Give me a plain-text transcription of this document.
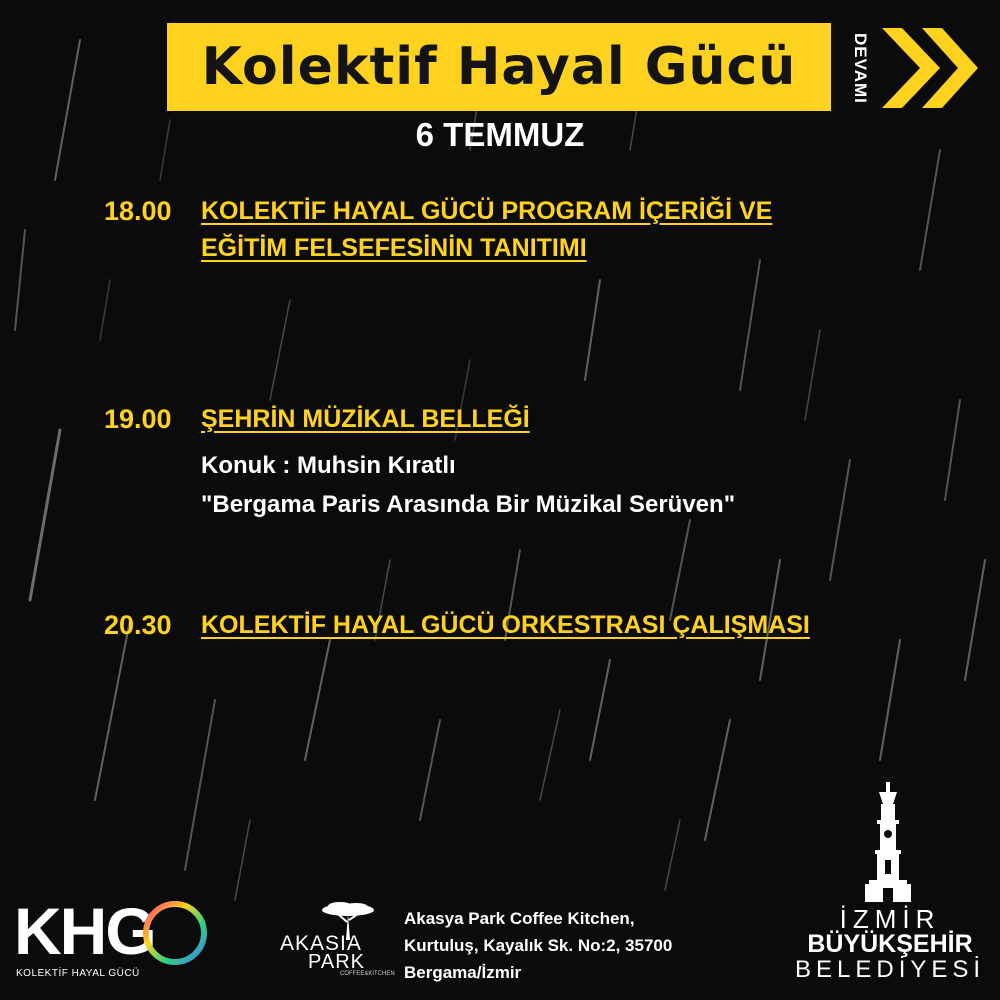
Kolektif Hayal Gücü	DEVAMI
6 TEMMUZ
18.00 KOLEKTİF HAYAL GÜCÜ PROGRAM İÇERİĞİ VE
EĞİTİM FELSEFESİNİN TANITIMI
19.00 ŞEHRİN MÜZİKAL BELLEĞİ
Konuk : Muhsin Kıratlı
"Bergama Paris Arasında Bir Müzikal Serüven"
20.30 KOLEKTİF HAYAL GÜCÜ ORKESTRASI ÇALIŞMASI
KHG
KOLEKTİF HAYAL GÜCÜ
AKASIA
PARK
COFFEE&KITCHEN
Akasya Park Coffee Kitchen,
Kurtuluş, Kayalık Sk. No:2, 35700
Bergama/İzmir
İZMİR
BÜYÜKŞEHİR
BELEDİYESİ
